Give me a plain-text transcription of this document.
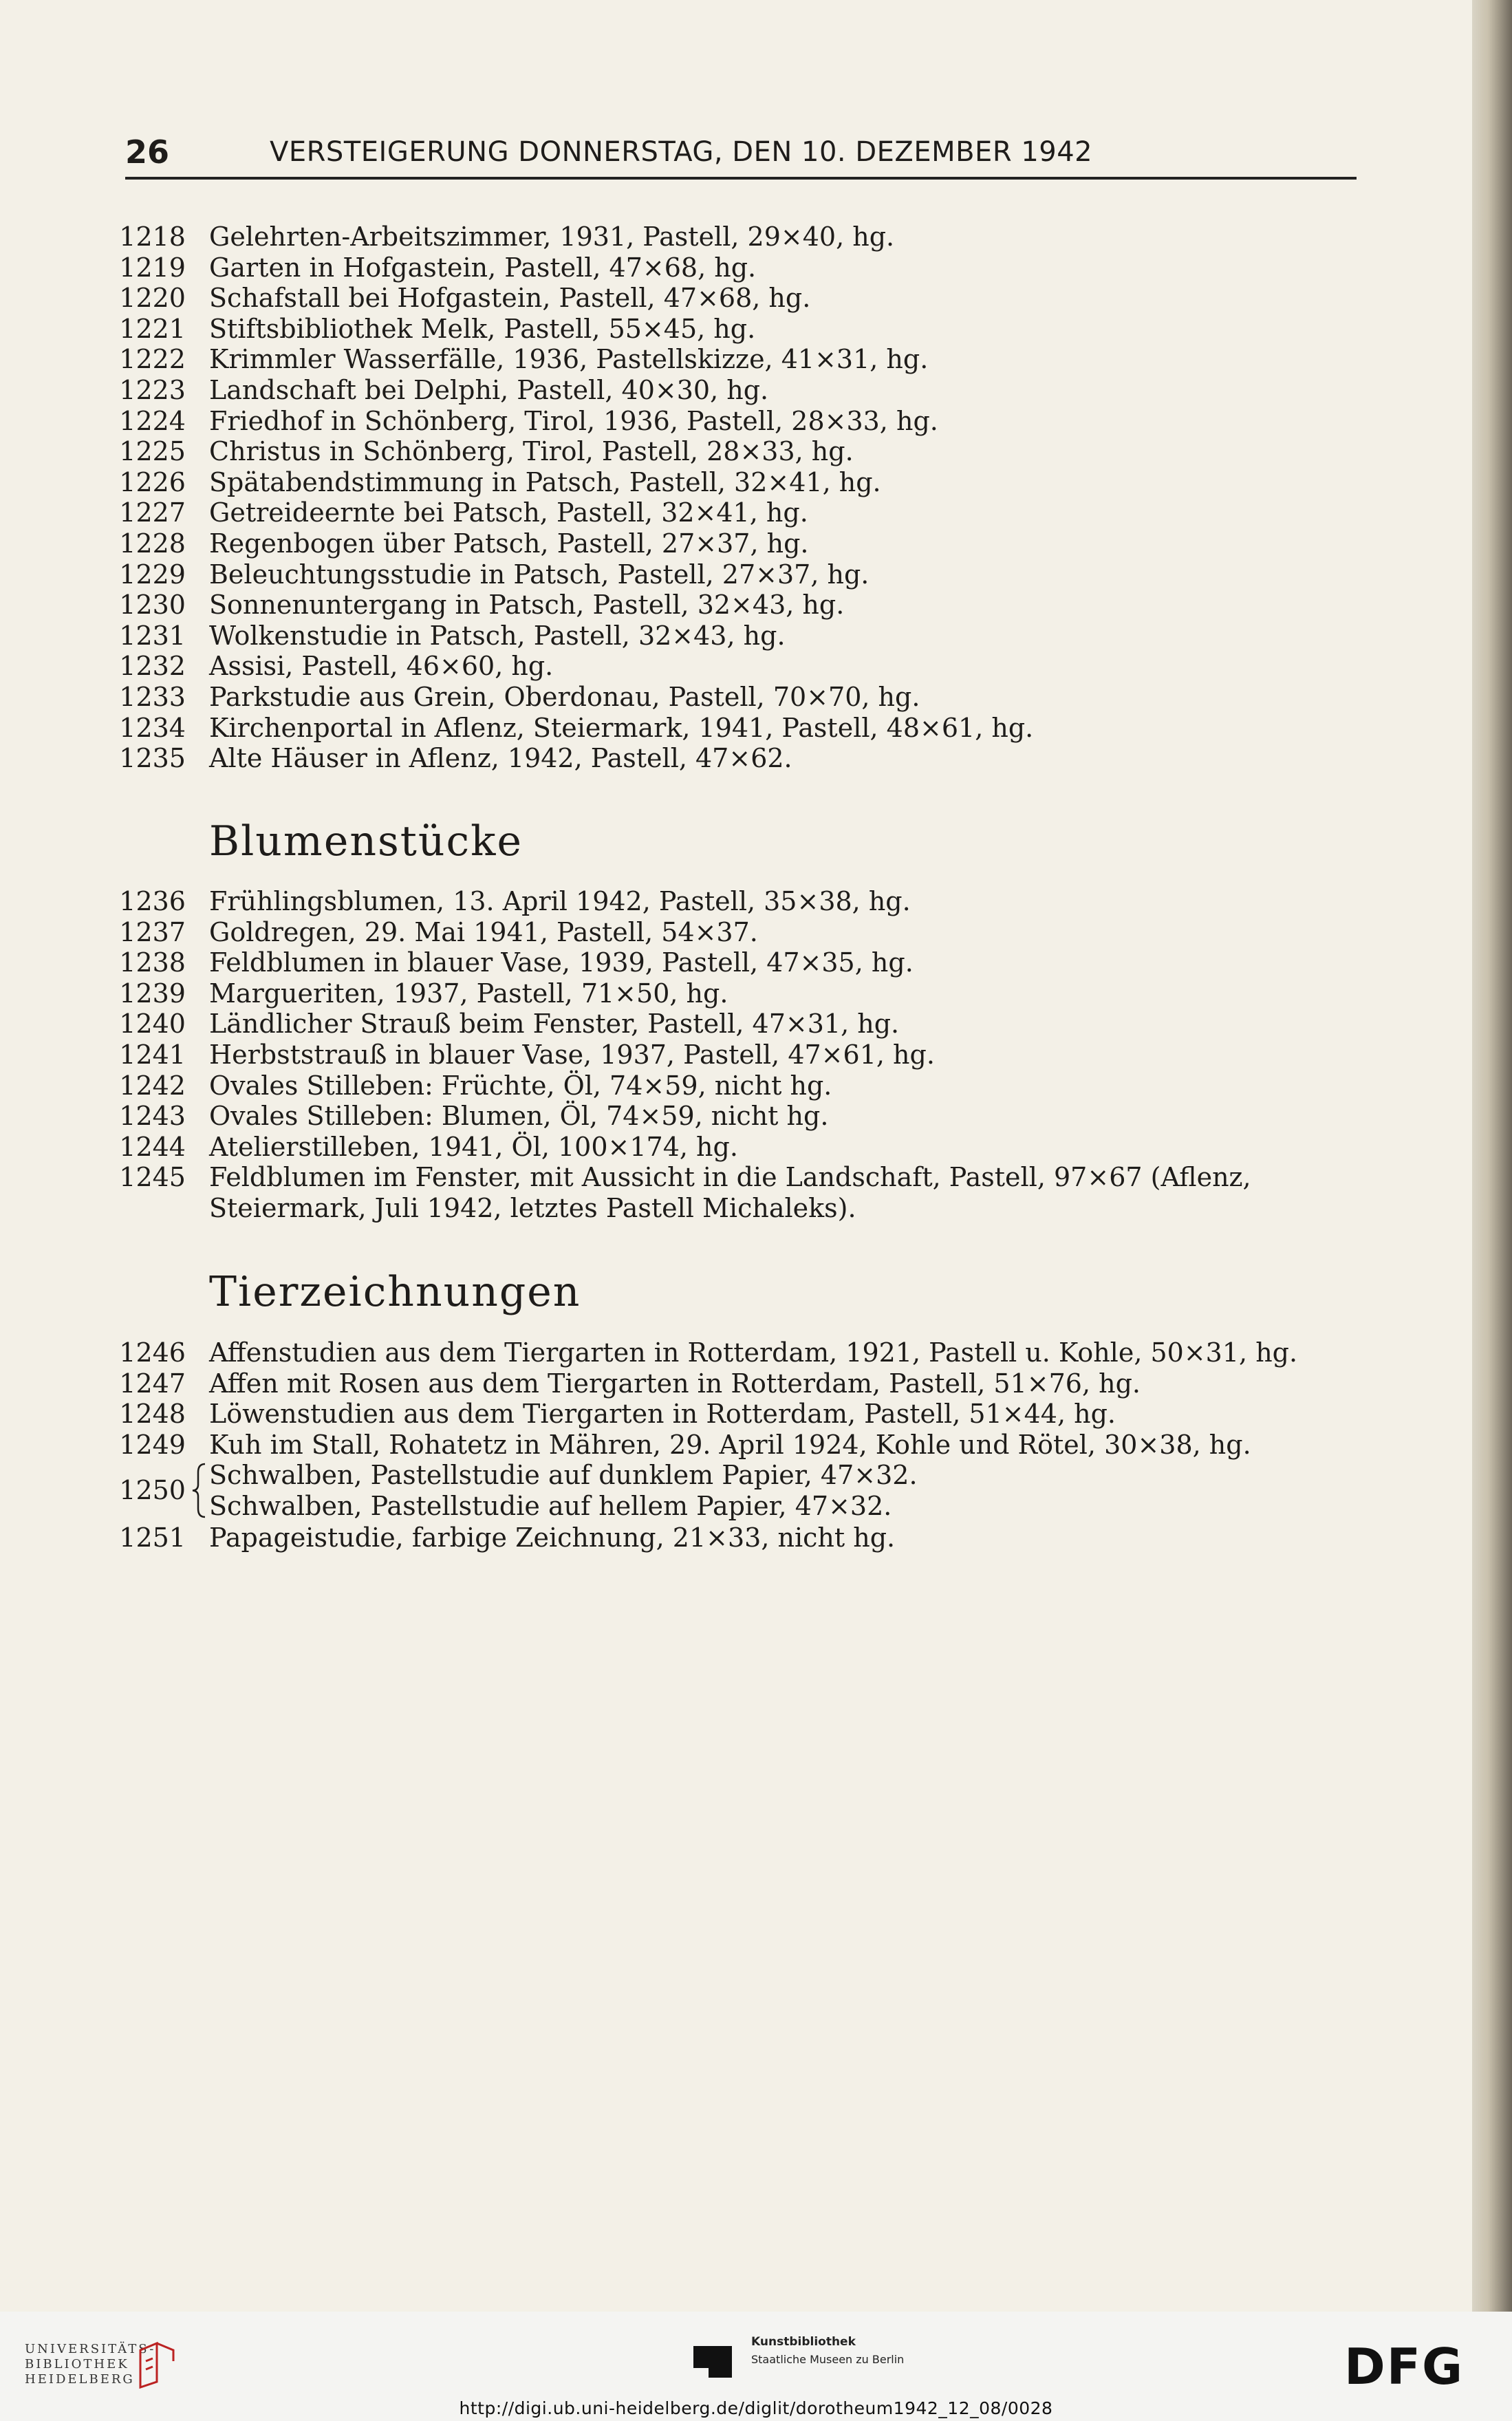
26	VERSTEIGERUNG DONNERSTAG, DEN 10. DEZEMBER 1942
1218 Gelehrten-Arbeitszimmer, 1931, Pastell, 29×40, hg.
1219 Garten in Hofgastein, Pastell, 47×68, hg.
1220 Schafstall bei Hofgastein, Pastell, 47×68, hg.
1221 Stiftsbibliothek Melk, Pastell, 55×45, hg.
1222 Krimmler Wasserfälle, 1936, Pastellskizze, 41×31, hg.
1223 Landschaft bei Delphi, Pastell, 40×30, hg.
1224 Friedhof in Schönberg, Tirol, 1936, Pastell, 28×33, hg.
1225 Christus in Schönberg, Tirol, Pastell, 28×33, hg.
1226 Spätabendstimmung in Patsch, Pastell, 32×41, hg.
1227 Getreideernte bei Patsch, Pastell, 32×41, hg.
1228 Regenbogen über Patsch, Pastell, 27×37, hg.
1229 Beleuchtungsstudie in Patsch, Pastell, 27×37, hg.
1230 Sonnenuntergang in Patsch, Pastell, 32×43, hg.
1231 Wolkenstudie in Patsch, Pastell, 32×43, hg.
1232 Assisi, Pastell, 46×60, hg.
1233 Parkstudie aus Grein, Oberdonau, Pastell, 70×70, hg.
1234 Kirchenportal in Aflenz, Steiermark, 1941, Pastell, 48×61, hg.
1235 Alte Häuser in Aflenz, 1942, Pastell, 47×62.
Blumenstücke
1236 Frühlingsblumen, 13. April 1942, Pastell, 35×38, hg.
1237 Goldregen, 29. Mai 1941, Pastell, 54×37.
1238 Feldblumen in blauer Vase, 1939, Pastell, 47×35, hg.
1239 Margueriten, 1937, Pastell, 71×50, hg.
1240 Ländlicher Strauß beim Fenster, Pastell, 47×31, hg.
1241 Herbststrauß in blauer Vase, 1937, Pastell, 47×61, hg.
1242 Ovales Stilleben: Früchte, Öl, 74×59, nicht hg.
1243 Ovales Stilleben: Blumen, Öl, 74×59, nicht hg.
1244 Atelierstilleben, 1941, Öl, 100×174, hg.
1245 Feldblumen im Fenster, mit Aussicht in die Landschaft, Pastell, 97×67 (Aflenz, Steiermark, Juli 1942, letztes Pastell Michaleks).
Tierzeichnungen
1246 Affenstudien aus dem Tiergarten in Rotterdam, 1921, Pastell u. Kohle, 50×31, hg.
1247 Affen mit Rosen aus dem Tiergarten in Rotterdam, Pastell, 51×76, hg.
1248 Löwenstudien aus dem Tiergarten in Rotterdam, Pastell, 51×44, hg.
1249 Kuh im Stall, Rohatetz in Mähren, 29. April 1924, Kohle und Rötel, 30×38, hg.
1250 Schwalben, Pastellstudie auf dunklem Papier, 47×32.
Schwalben, Pastellstudie auf hellem Papier, 47×32.
1251 Papageistudie, farbige Zeichnung, 21×33, nicht hg.
UNIVERSITÄTS-
BIBLIOTHEK
HEIDELBERG
Kunstbibliothek
Staatliche Museen zu Berlin	DFG
http://digi.ub.uni-heidelberg.de/diglit/dorotheum1942_12_08/0028
